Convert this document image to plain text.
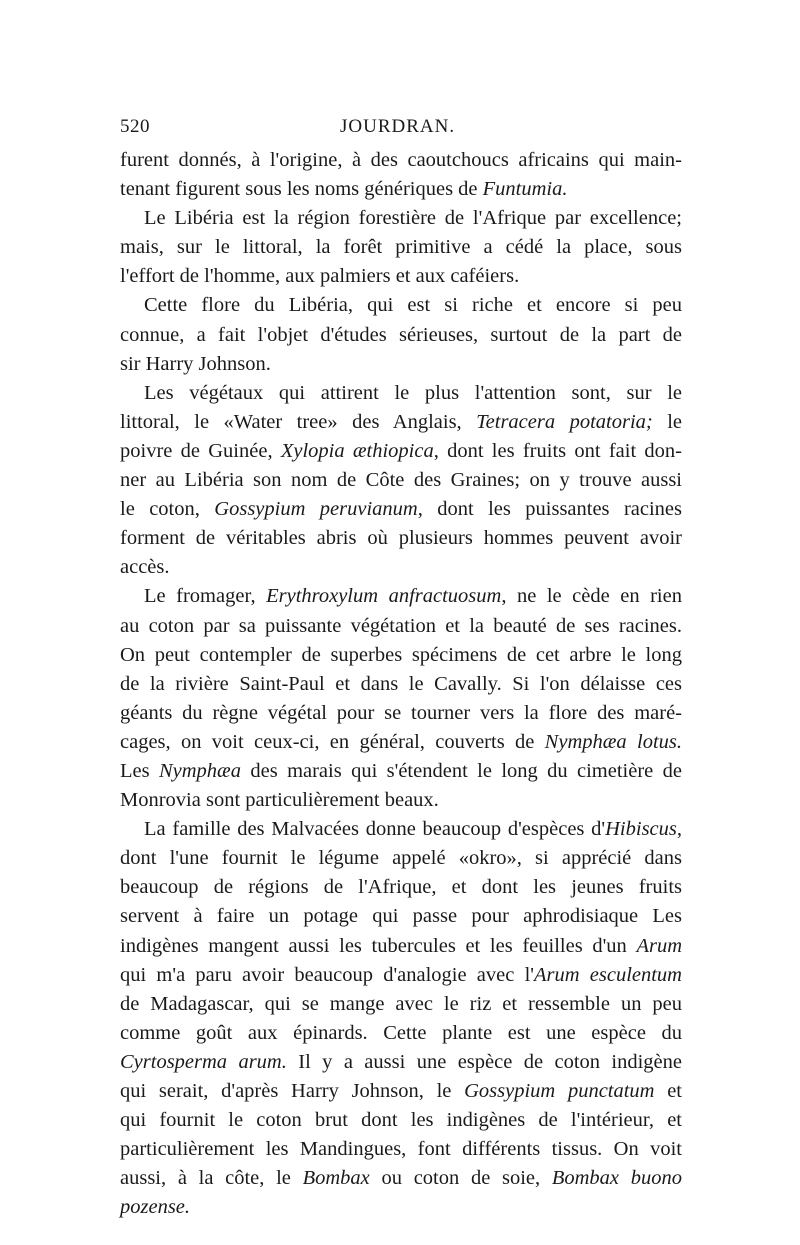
520	JOURDRAN.
furent donnés, à l'origine, à des caoutchoucs africains qui main-
tenant figurent sous les noms génériques de Funtumia.
Le Libéria est la région forestière de l'Afrique par excellence;
mais, sur le littoral, la forêt primitive a cédé la place, sous
l'effort de l'homme, aux palmiers et aux caféiers.
Cette flore du Libéria, qui est si riche et encore si peu
connue, a fait l'objet d'études sérieuses, surtout de la part de
sir Harry Johnson.
Les végétaux qui attirent le plus l'attention sont, sur le
littoral, le «Water tree» des Anglais, Tetracera potatoria; le
poivre de Guinée, Xylopia æthiopica, dont les fruits ont fait don-
ner au Libéria son nom de Côte des Graines; on y trouve aussi
le coton, Gossypium peruvianum, dont les puissantes racines
forment de véritables abris où plusieurs hommes peuvent avoir
accès.
Le fromager, Erythroxylum anfractuosum, ne le cède en rien
au coton par sa puissante végétation et la beauté de ses racines.
On peut contempler de superbes spécimens de cet arbre le long
de la rivière Saint-Paul et dans le Cavally. Si l'on délaisse ces
géants du règne végétal pour se tourner vers la flore des maré-
cages, on voit ceux-ci, en général, couverts de Nymphæa lotus.
Les Nymphæa des marais qui s'étendent le long du cimetière de
Monrovia sont particulièrement beaux.
La famille des Malvacées donne beaucoup d'espèces d'Hibiscus,
dont l'une fournit le légume appelé «okro», si apprécié dans
beaucoup de régions de l'Afrique, et dont les jeunes fruits
servent à faire un potage qui passe pour aphrodisiaque Les
indigènes mangent aussi les tubercules et les feuilles d'un Arum
qui m'a paru avoir beaucoup d'analogie avec l'Arum esculentum
de Madagascar, qui se mange avec le riz et ressemble un peu
comme goût aux épinards. Cette plante est une espèce du
Cyrtosperma arum. Il y a aussi une espèce de coton indigène
qui serait, d'après Harry Johnson, le Gossypium punctatum et
qui fournit le coton brut dont les indigènes de l'intérieur, et
particulièrement les Mandingues, font différents tissus. On voit
aussi, à la côte, le Bombax ou coton de soie, Bombax buono
pozense.
